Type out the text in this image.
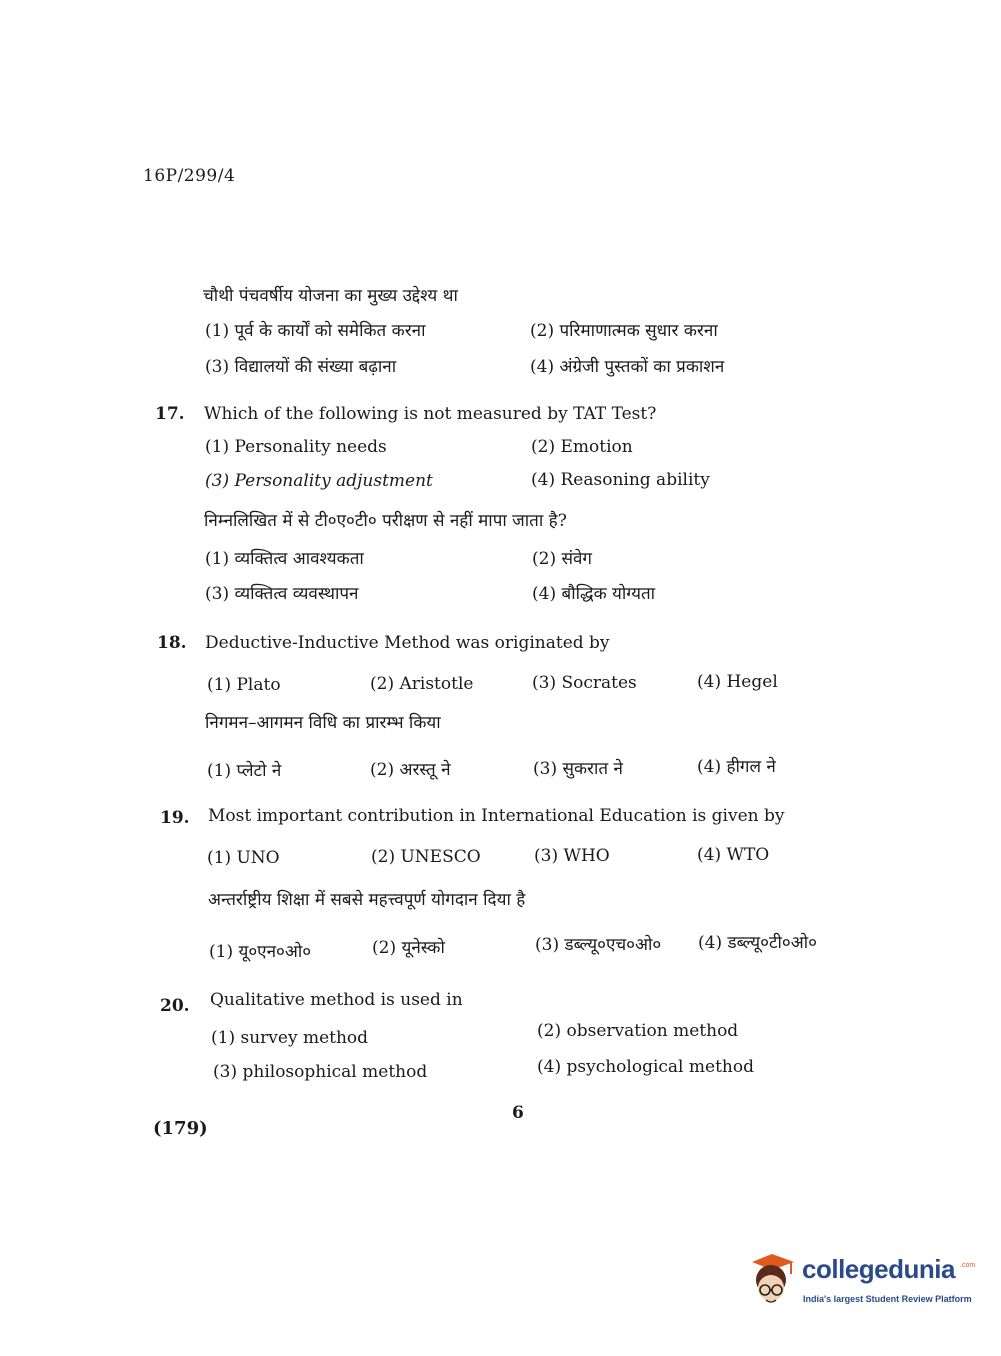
16P/299/4
चौथी पंचवर्षीय योजना का मुख्य उद्देश्य था
(1) पूर्व के कार्यों को समेकित करना	(2) परिमाणात्मक सुधार करना
(3) विद्यालयों की संख्या बढ़ाना	(4) अंग्रेजी पुस्तकों का प्रकाशन
17. Which of the following is not measured by TAT Test?
(1) Personality needs	(2) Emotion
(3) Personality adjustment	(4) Reasoning ability
निम्नलिखित में से टी०ए०टी० परीक्षण से नहीं मापा जाता है?
(1) व्यक्तित्व आवश्यकता	(2) संवेग
(3) व्यक्तित्व व्यवस्थापन	(4) बौद्धिक योग्यता
18. Deductive-Inductive Method was originated by
(1) Plato	(2) Aristotle	(3) Socrates	(4) Hegel
निगमन–आगमन विधि का प्रारम्भ किया
(1) प्लेटो ने	(2) अरस्तू ने	(3) सुकरात ने	(4) हीगल ने
19. Most important contribution in International Education is given by
(1) UNO	(2) UNESCO	(3) WHO	(4) WTO
अन्तर्राष्ट्रीय शिक्षा में सबसे महत्त्वपूर्ण योगदान दिया है
(1) यू०एन०ओ०	(2) यूनेस्को	(3) डब्ल्यू०एच०ओ० (4) डब्ल्यू०टी०ओ०
20. Qualitative method is used in
(1) survey method	(2) observation method
(3) philosophical method	(4) psychological method
6
(179)
collegedunia .com
India's largest Student Review Platform
